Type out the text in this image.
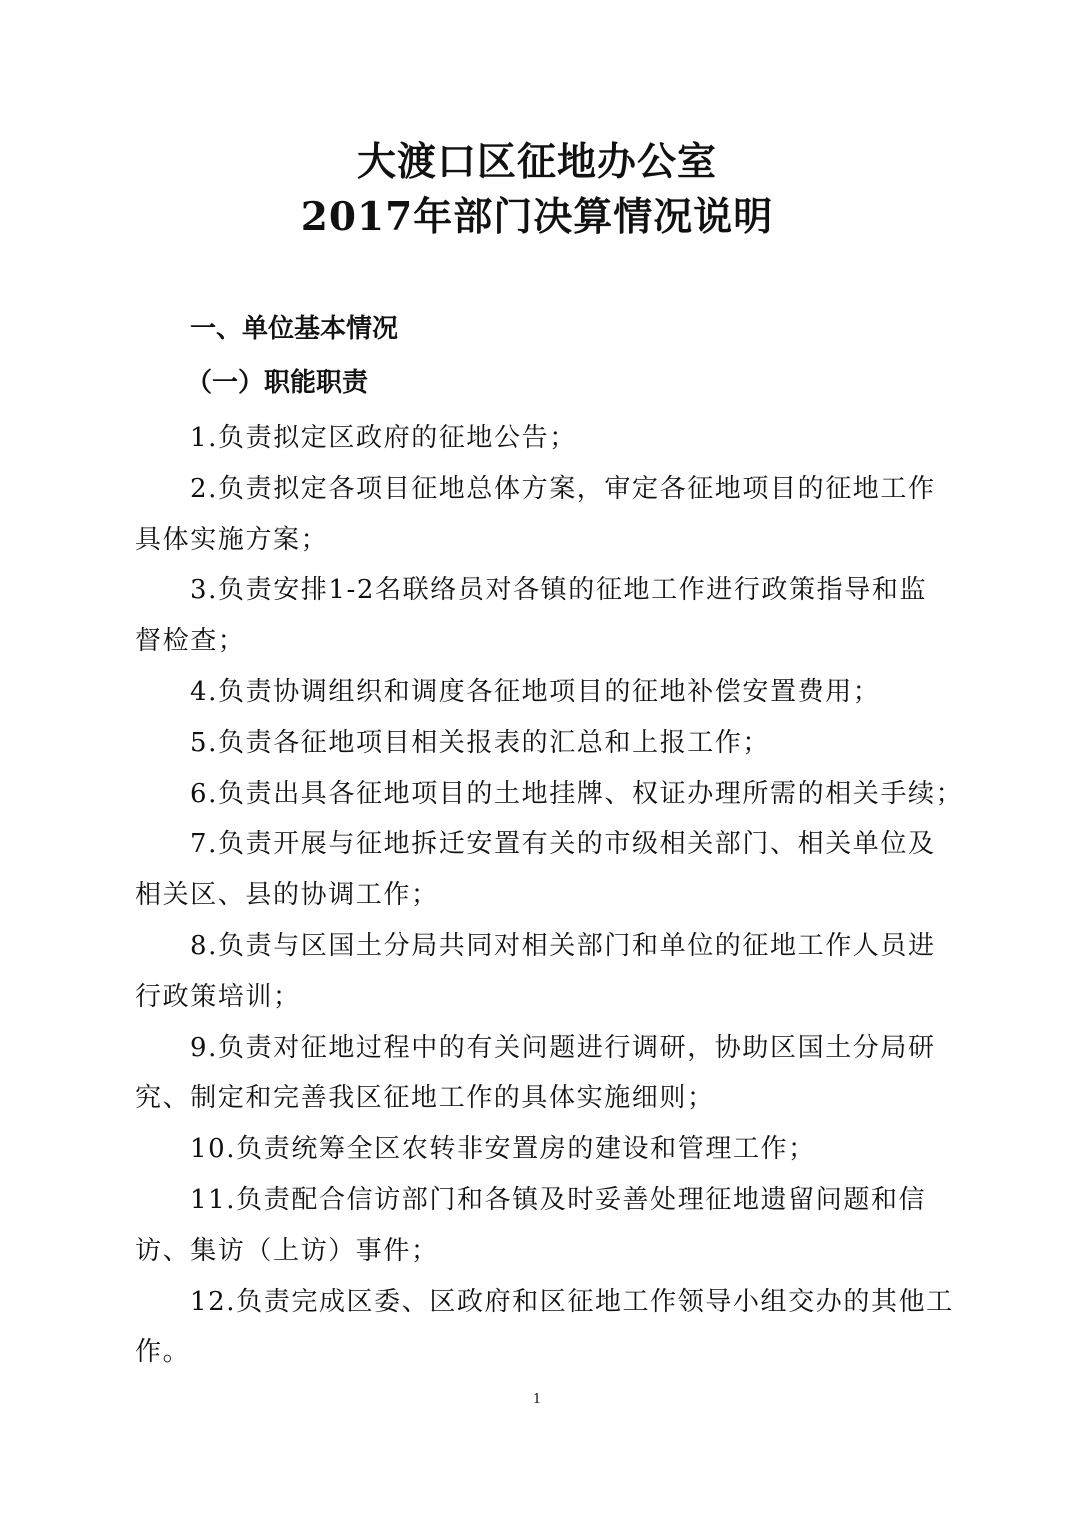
大渡口区征地办公室
2017年部门决算情况说明
一、单位基本情况
（一）职能职责
1.负责拟定区政府的征地公告；
2.负责拟定各项目征地总体方案，审定各征地项目的征地工作
具体实施方案；
3.负责安排1-2名联络员对各镇的征地工作进行政策指导和监
督检查；
4.负责协调组织和调度各征地项目的征地补偿安置费用；
5.负责各征地项目相关报表的汇总和上报工作；
6.负责出具各征地项目的土地挂牌、权证办理所需的相关手续；
7.负责开展与征地拆迁安置有关的市级相关部门、相关单位及
相关区、县的协调工作；
8.负责与区国土分局共同对相关部门和单位的征地工作人员进
行政策培训；
9.负责对征地过程中的有关问题进行调研，协助区国土分局研
究、制定和完善我区征地工作的具体实施细则；
10.负责统筹全区农转非安置房的建设和管理工作；
11.负责配合信访部门和各镇及时妥善处理征地遗留问题和信
访、集访（上访）事件；
12.负责完成区委、区政府和区征地工作领导小组交办的其他工
作。
1
